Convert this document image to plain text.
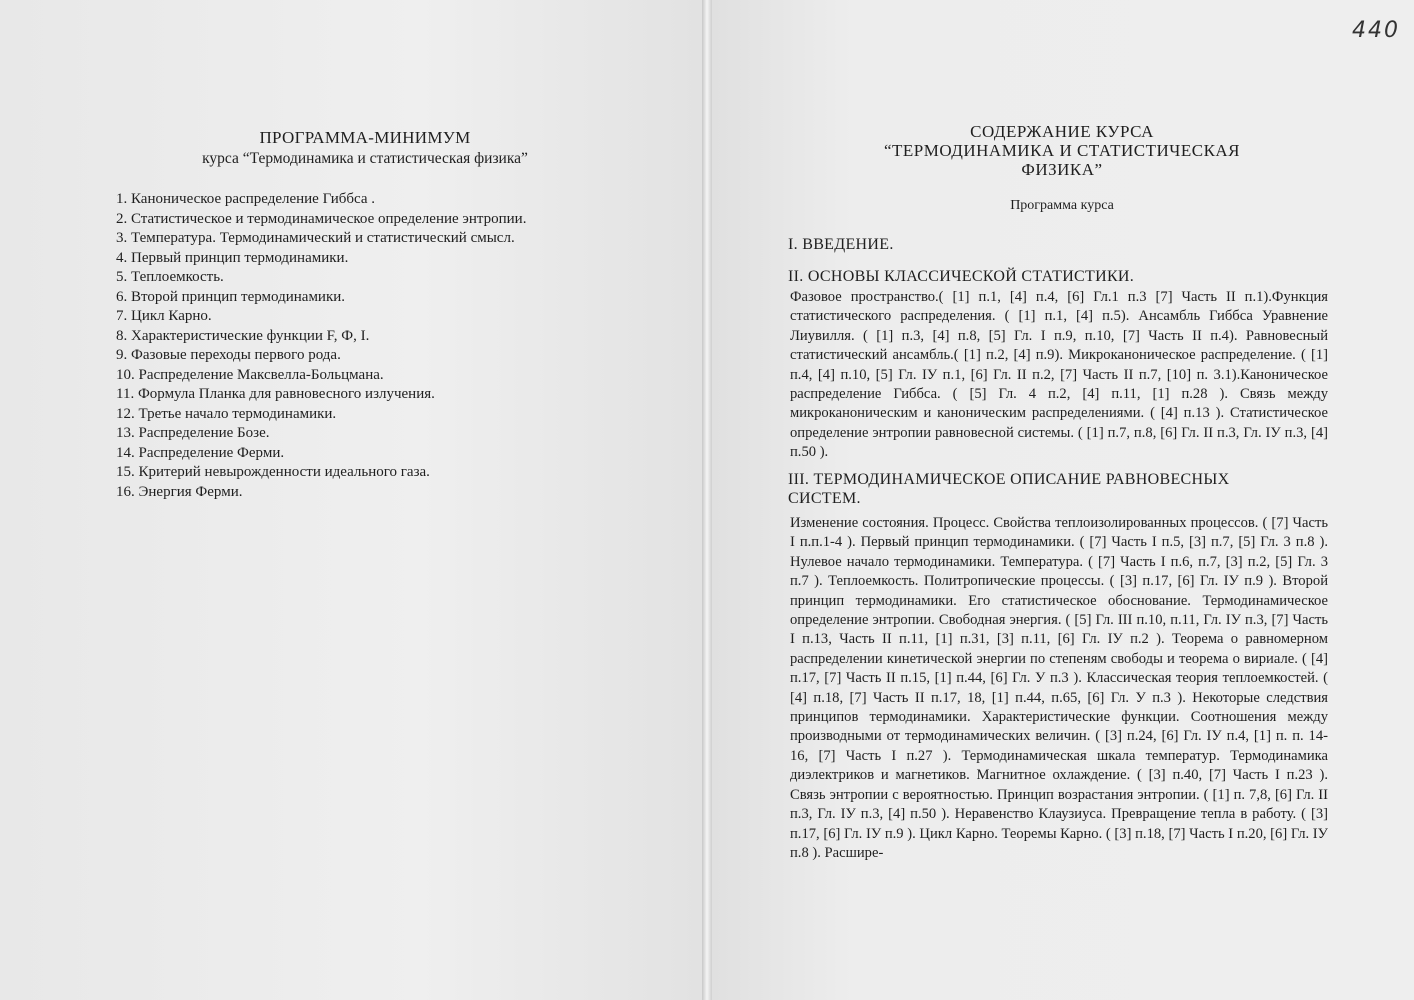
ПРОГРАММА-МИНИМУМ
курса “Термодинамика и статистическая физика”
1. Каноническое распределение Гиббса .
2. Статистическое и термодинамическое определение энтропии.
3. Температура. Термодинамический и статистический смысл.
4. Первый принцип термодинамики.
5. Теплоемкость.
6. Второй принцип термодинамики.
7. Цикл Карно.
8. Характеристические функции F, Ф, I.
9. Фазовые переходы первого рода.
10. Распределение Максвелла-Больцмана.
11. Формула Планка для равновесного излучения.
12. Третье начало термодинамики.
13. Распределение Бозе.
14. Распределение Ферми.
15. Критерий невырожденности идеального газа.
16. Энергия Ферми.
440
СОДЕРЖАНИЕ КУРСА
“ТЕРМОДИНАМИКА И СТАТИСТИЧЕСКАЯ
ФИЗИКА”
Программа курса
I. ВВЕДЕНИЕ.
II. ОСНОВЫ КЛАССИЧЕСКОЙ СТАТИСТИКИ.
Фазовое пространство.( [1] п.1, [4] п.4, [6] Гл.1 п.3 [7] Часть II п.1).Функция статистического распределения. ( [1] п.1, [4] п.5). Ансамбль Гиббса Уравнение Лиувилля. ( [1] п.3, [4] п.8, [5] Гл. I п.9, п.10, [7] Часть II п.4). Равновесный статистический ансамбль.( [1] п.2, [4] п.9). Микроканоническое распределение. ( [1] п.4, [4] п.10, [5] Гл. IУ п.1, [6] Гл. II п.2, [7] Часть II п.7, [10] п. 3.1).Каноническое распределение Гиббса. ( [5] Гл. 4 п.2, [4] п.11, [1] п.28 ). Связь между микроканоническим и каноническим распределениями. ( [4] п.13 ). Статистическое определение энтропии равновесной системы. ( [1] п.7, п.8, [6] Гл. II п.3, Гл. IУ п.3, [4] п.50 ).
III. ТЕРМОДИНАМИЧЕСКОЕ ОПИСАНИЕ РАВНОВЕСНЫХ СИСТЕМ.
Изменение состояния. Процесс. Свойства теплоизолированных процессов. ( [7] Часть I п.п.1-4 ). Первый принцип термодинамики. ( [7] Часть I п.5, [3] п.7, [5] Гл. 3 п.8 ). Нулевое начало термодинамики. Температура. ( [7] Часть I п.6, п.7, [3] п.2, [5] Гл. 3 п.7 ). Теплоемкость. Политропические процессы. ( [3] п.17, [6] Гл. IУ п.9 ). Второй принцип термодинамики. Его статистическое обоснование. Термодинамическое определение энтропии. Свободная энергия. ( [5] Гл. III п.10, п.11, Гл. IУ п.3, [7] Часть I п.13, Часть II п.11, [1] п.31, [3] п.11, [6] Гл. IУ п.2 ). Теорема о равномерном распределении кинетической энергии по степеням свободы и теорема о вириале. ( [4] п.17, [7] Часть II п.15, [1] п.44, [6] Гл. У п.3 ). Классическая теория теплоемкостей. ( [4] п.18, [7] Часть II п.17, 18, [1] п.44, п.65, [6] Гл. У п.3 ). Некоторые следствия принципов термодинамики. Характеристические функции. Соотношения между производными от термодинамических величин. ( [3] п.24, [6] Гл. IУ п.4, [1] п. п. 14-16, [7] Часть I п.27 ). Термодинамическая шкала температур. Термодинамика диэлектриков и магнетиков. Магнитное охлаждение. ( [3] п.40, [7] Часть I п.23 ). Связь энтропии с вероятностью. Принцип возрастания энтропии. ( [1] п. 7,8, [6] Гл. II п.3, Гл. IУ п.3, [4] п.50 ). Неравенство Клаузиуса. Превращение тепла в работу. ( [3] п.17, [6] Гл. IУ п.9 ). Цикл Карно. Теоремы Карно. ( [3] п.18, [7] Часть I п.20, [6] Гл. IУ п.8 ). Расшире-
